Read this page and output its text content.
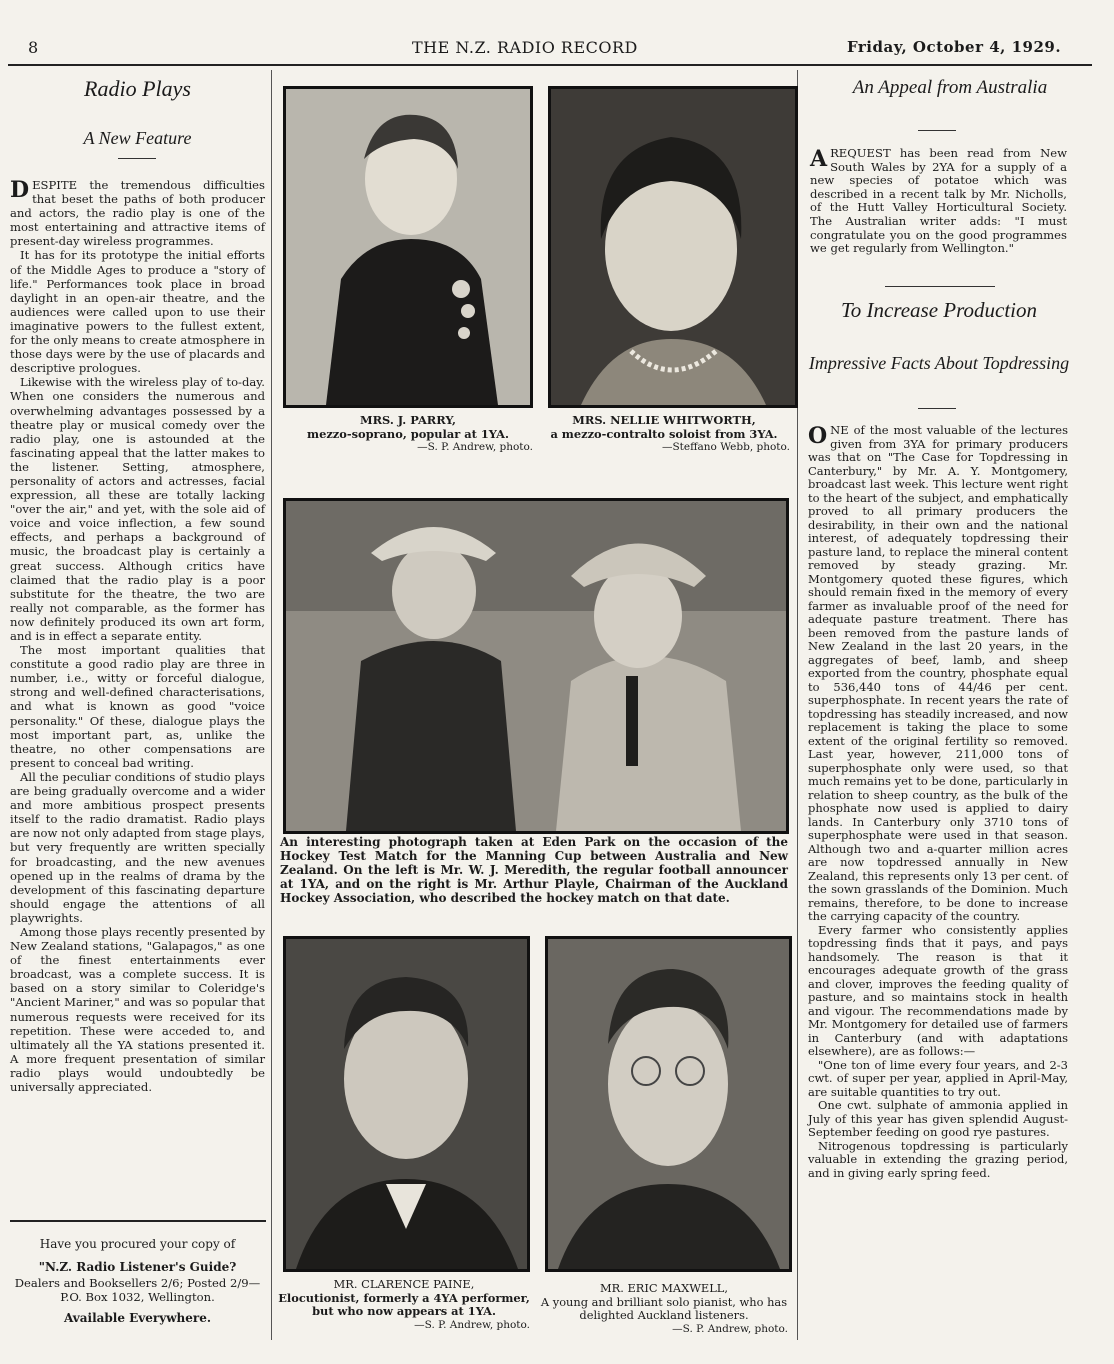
8	THE N.Z. RADIO RECORD	Friday, October 4, 1929.
Radio Plays
A New Feature

DESPITE the tremendous difficulties that beset the paths of both producer and actors, the radio play is one of the most entertaining and attractive items of present-day wireless programmes.

It has for its prototype the initial efforts of the Middle Ages to produce a "story of life." Performances took place in broad daylight in an open-air theatre, and the audiences were called upon to use their imaginative powers to the fullest extent, for the only means to create atmosphere in those days were by the use of placards and descriptive prologues.

Likewise with the wireless play of to-day. When one considers the numerous and overwhelming advantages possessed by a theatre play or musical comedy over the radio play, one is astounded at the fascinating appeal that the latter makes to the listener. Setting, atmosphere, personality of actors and actresses, facial expression, all these are totally lacking "over the air," and yet, with the sole aid of voice and voice inflection, a few sound effects, and perhaps a background of music, the broadcast play is certainly a great success. Although critics have claimed that the radio play is a poor substitute for the theatre, the two are really not comparable, as the former has now definitely produced its own art form, and is in effect a separate entity.

The most important qualities that constitute a good radio play are three in number, i.e., witty or forceful dialogue, strong and well-defined characterisations, and what is known as good "voice personality." Of these, dialogue plays the most important part, as, unlike the theatre, no other compensations are present to conceal bad writing.

All the peculiar conditions of studio plays are being gradually overcome and a wider and more ambitious prospect presents itself to the radio dramatist. Radio plays are now not only adapted from stage plays, but very frequently are written specially for broadcasting, and the new avenues opened up in the realms of drama by the development of this fascinating departure should engage the attentions of all playwrights.

Among those plays recently presented by New Zealand stations, "Galapagos," as one of the finest entertainments ever broadcast, was a complete success. It is based on a story similar to Coleridge's "Ancient Mariner," and was so popular that numerous requests were received for its repetition. These were acceded to, and ultimately all the YA stations presented it. A more frequent presentation of similar radio plays would undoubtedly be universally appreciated.

Have you procured your copy of
"N.Z. Radio Listener's Guide?
Dealers and Booksellers 2/6; Posted 2/9—P.O. Box 1032, Wellington.
Available Everywhere.
MRS. J. PARRY,
mezzo-soprano, popular at 1YA.
—S. P. Andrew, photo.
MRS. NELLIE WHITWORTH,
a mezzo-contralto soloist from 3YA.
—Steffano Webb, photo.
An interesting photograph taken at Eden Park on the occasion of the Hockey Test Match for the Manning Cup between Australia and New Zealand. On the left is Mr. W. J. Meredith, the regular football announcer at 1YA, and on the right is Mr. Arthur Playle, Chairman of the Auckland Hockey Association, who described the hockey match on that date.
MR. CLARENCE PAINE,
Elocutionist, formerly a 4YA performer, but who now appears at 1YA.
—S. P. Andrew, photo.
MR. ERIC MAXWELL,
A young and brilliant solo pianist, who has delighted Auckland listeners.
—S. P. Andrew, photo.
An Appeal from Australia

AREQUEST has been read from New South Wales by 2YA for a supply of a new species of potatoe which was described in a recent talk by Mr. Nicholls, of the Hutt Valley Horticultural Society. The Australian writer adds: "I must congratulate you on the good programmes we get regularly from Wellington."

To Increase Production
Impressive Facts About Topdressing

ONE of the most valuable of the lectures given from 3YA for primary producers was that on "The Case for Topdressing in Canterbury," by Mr. A. Y. Montgomery, broadcast last week. This lecture went right to the heart of the subject, and emphatically proved to all primary producers the desirability, in their own and the national interest, of adequately topdressing their pasture land, to replace the mineral content removed by steady grazing. Mr. Montgomery quoted these figures, which should remain fixed in the memory of every farmer as invaluable proof of the need for adequate pasture treatment. There has been removed from the pasture lands of New Zealand in the last 20 years, in the aggregates of beef, lamb, and sheep exported from the country, phosphate equal to 536,440 tons of 44/46 per cent. superphosphate. In recent years the rate of topdressing has steadily increased, and now replacement is taking the place to some extent of the original fertility so removed. Last year, however, 211,000 tons of superphosphate only were used, so that much remains yet to be done, particularly in relation to sheep country, as the bulk of the phosphate now used is applied to dairy lands. In Canterbury only 3710 tons of superphosphate were used in that season. Although two and a-quarter million acres are now topdressed annually in New Zealand, this represents only 13 per cent. of the sown grasslands of the Dominion. Much remains, therefore, to be done to increase the carrying capacity of the country.

Every farmer who consistently applies topdressing finds that it pays, and pays handsomely. The reason is that it encourages adequate growth of the grass and clover, improves the feeding quality of pasture, and so maintains stock in health and vigour. The recommendations made by Mr. Montgomery for detailed use of farmers in Canterbury (and with adaptations elsewhere), are as follows:—

"One ton of lime every four years, and 2-3 cwt. of super per year, applied in April-May, are suitable quantities to try out.

One cwt. sulphate of ammonia applied in July of this year has given splendid August-September feeding on good rye pastures.

Nitrogenous topdressing is particularly valuable in extending the grazing period, and in giving early spring feed.
